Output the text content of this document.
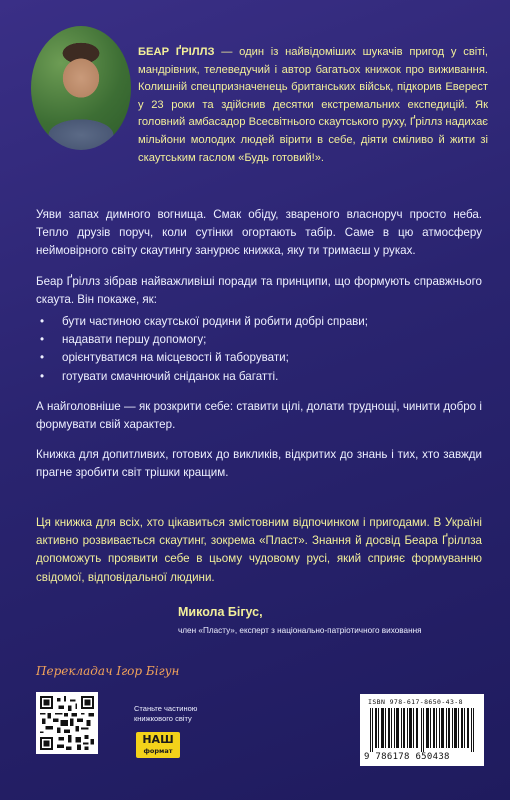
БЕАР ҐРІЛЛЗ — один із найвідоміших шукачів пригод у світі, мандрівник, телеведучий і автор багатьох книжок про виживання. Колишній спецпризначенець британських військ, підкорив Еверест у 23 роки та здійснив десятки екстремальних експедицій. Як головний амбасадор Всесвітнього скаутського руху, Ґріллз надихає мільйони молодих людей вірити в себе, діяти сміливо й жити зі скаутським гаслом «Будь готовий!».

Уяви запах димного вогнища. Смак обіду, звареного власноруч просто неба. Тепло друзів поруч, коли сутінки огортають табір. Саме в цю атмосферу неймовірного світу скаутингу занурює книжка, яку ти тримаєш у руках.

Беар Ґріллз зібрав найважливіші поради та принципи, що формують справжнього скаута. Він покаже, як:

• бути частиною скаутської родини й робити добрі справи;
• надавати першу допомогу;
• орієнтуватися на місцевості й таборувати;
• готувати смачнючий сніданок на багатті.

А найголовніше — як розкрити себе: ставити цілі, долати труднощі, чинити добро і формувати свій характер.

Книжка для допитливих, готових до викликів, відкритих до знань і тих, хто завжди прагне зробити світ трішки кращим.

Ця книжка для всіх, хто цікавиться змістовним відпочинком і пригодами. В Україні активно розвивається скаутинг, зокрема «Пласт». Знання й досвід Беара Ґріллза допоможуть проявити себе в цьому чудовому русі, який сприяє формуванню свідомої, відповідальної людини.

Микола Бігус,
член «Пласту», експерт з національно-патріотичного виховання
Перекладач Ігор Бігун
Станьте частиною
книжкового світу
НАШ
формат
ISBN 978-617-8650-43-8
9 786178 650438
